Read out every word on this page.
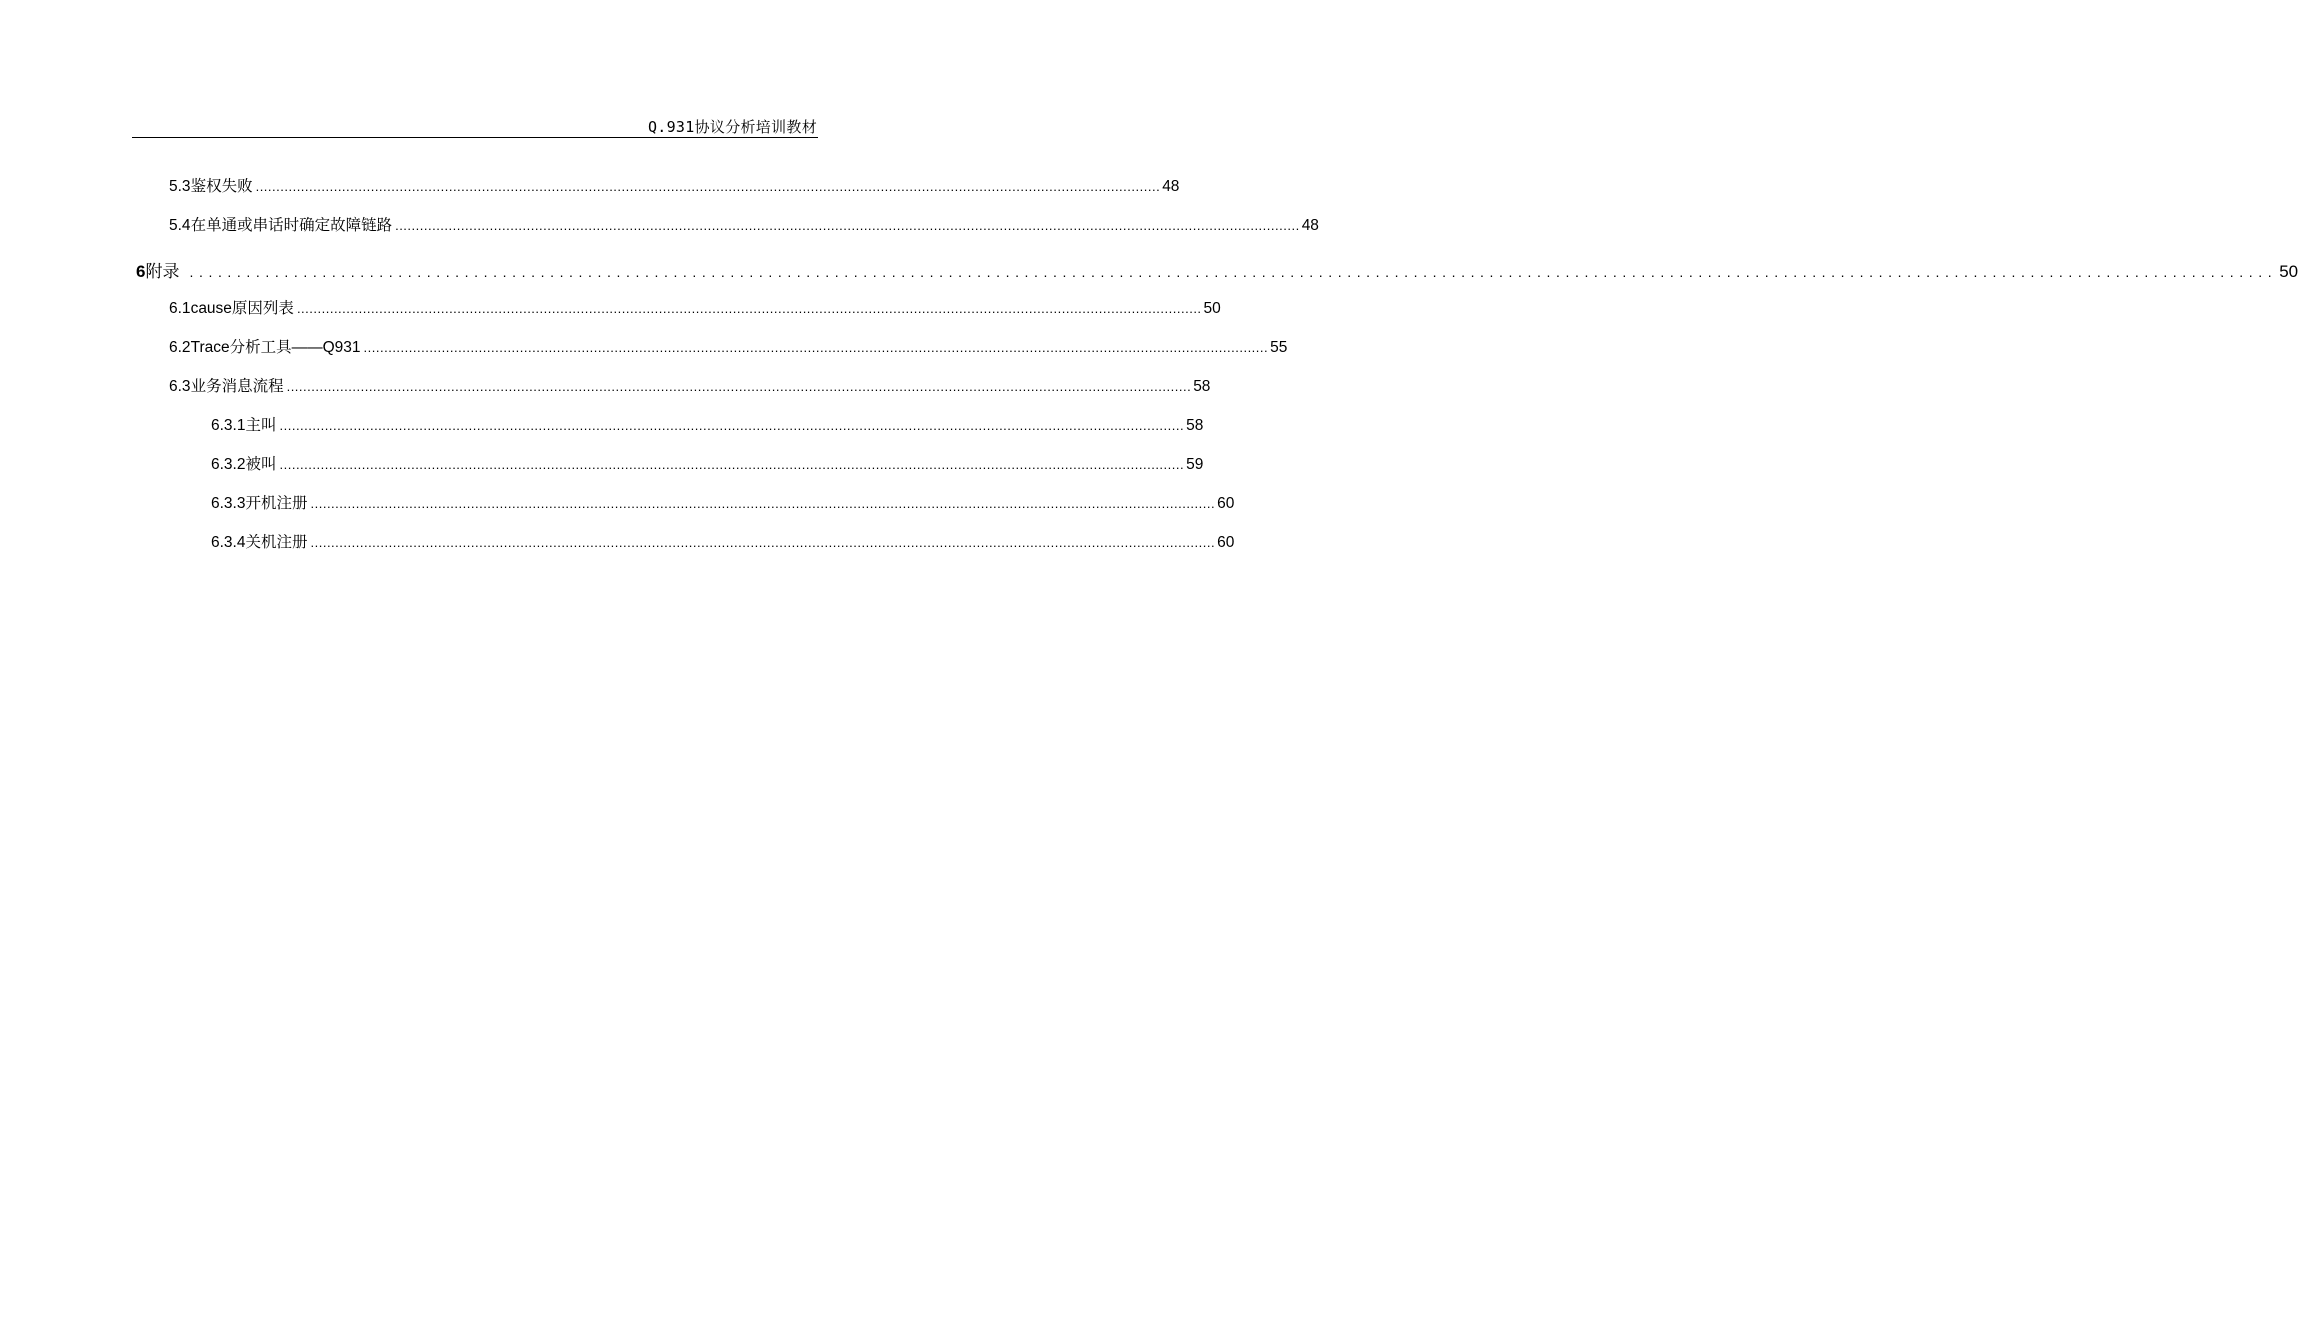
Q.931协议分析培训教材
5.3 鉴权失败 ............................................................................................................................................................................................................................ 48
5.4 在单通或串话时确定故障链路 ............................................................................................................................................................................................................................ 48
6 附录 ............................................................................................................................................................................................................................ 50
6.1 cause原因列表 ............................................................................................................................................................................................................................ 50
6.2 Trace分析工具——Q931 ............................................................................................................................................................................................................................ 55
6.3 业务消息流程 ............................................................................................................................................................................................................................ 58
6.3.1 主叫 ............................................................................................................................................................................................................................ 58
6.3.2 被叫 ............................................................................................................................................................................................................................ 59
6.3.3 开机注册 ............................................................................................................................................................................................................................ 60
6.3.4 关机注册 ............................................................................................................................................................................................................................ 60
